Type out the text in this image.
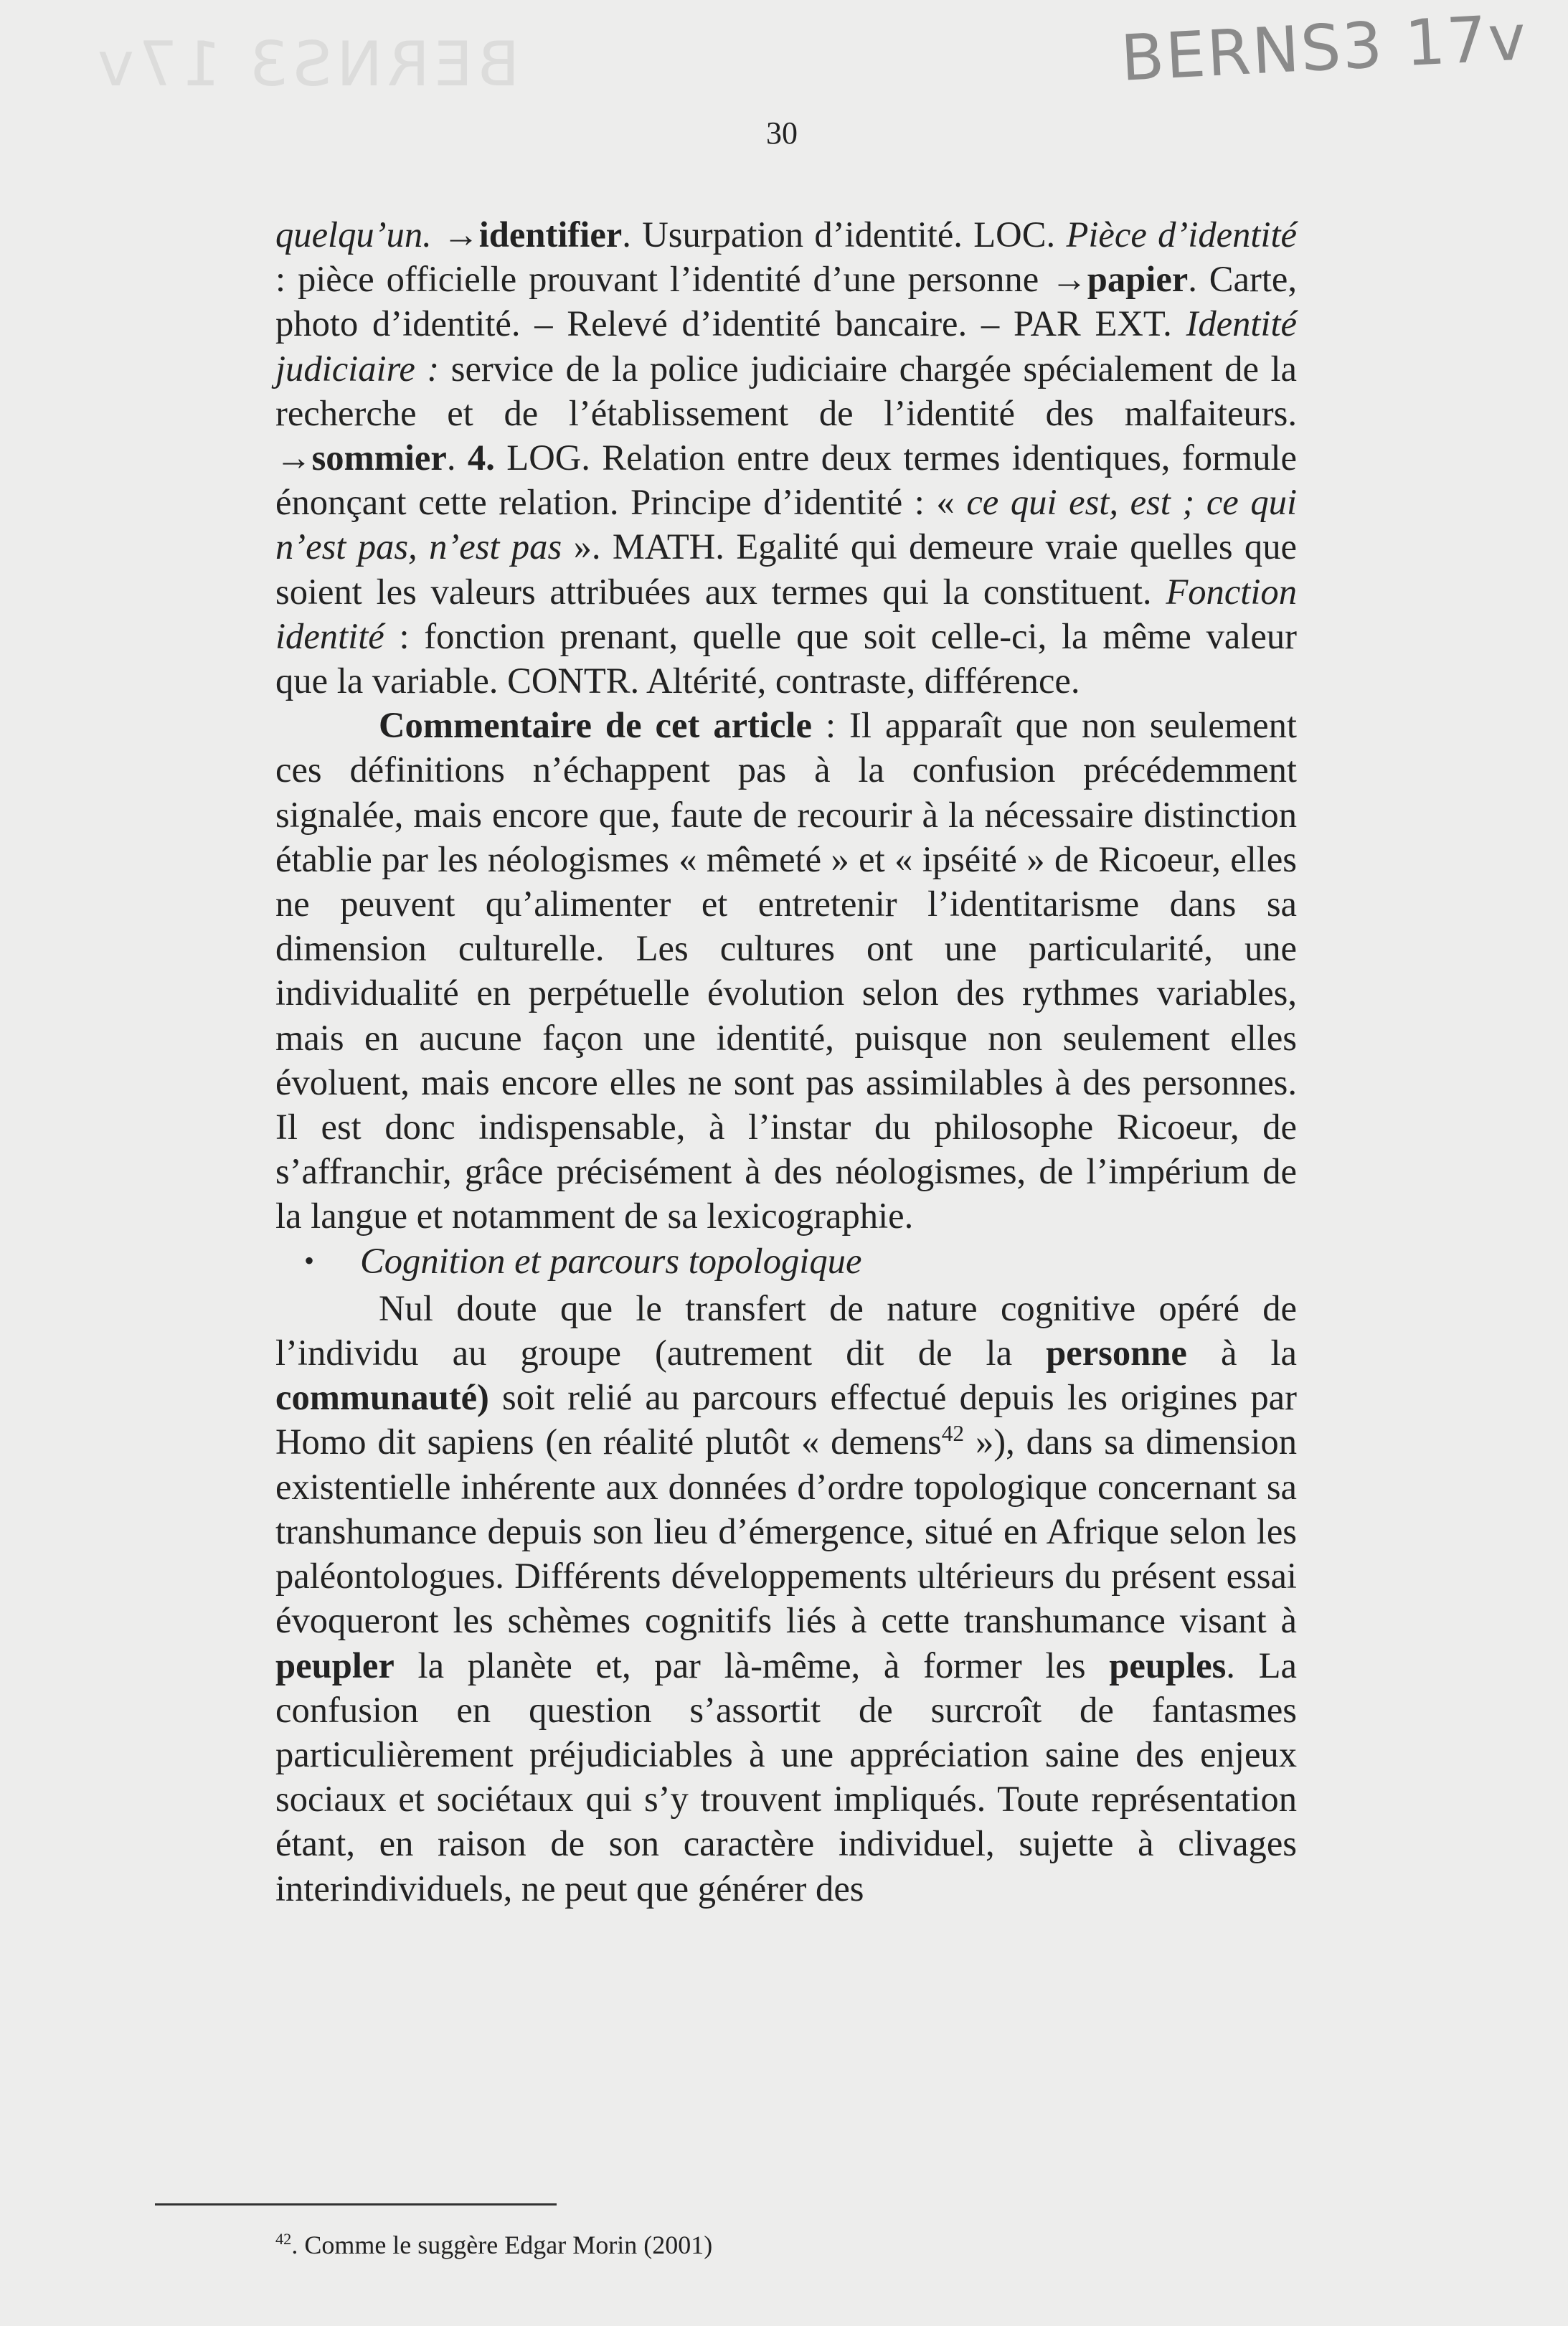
BERNS3 17v	BERNS3 17v
30

quelqu’un. →identifier. Usurpation d’identité. LOC. Pièce d’identité : pièce officielle prouvant l’identité d’une personne →papier. Carte, photo d’identité. – Relevé d’identité bancaire. – PAR EXT. Identité judiciaire : service de la police judiciaire chargée spécialement de la recherche et de l’établissement de l’identité des malfaiteurs. →sommier. 4. LOG. Relation entre deux termes identiques, formule énonçant cette relation. Principe d’identité : « ce qui est, est ; ce qui n’est pas, n’est pas ». MATH. Egalité qui demeure vraie quelles que soient les valeurs attribuées aux termes qui la constituent. Fonction identité : fonction prenant, quelle que soit celle-ci, la même valeur que la variable. CONTR. Altérité, contraste, différence.

Commentaire de cet article : Il apparaît que non seulement ces définitions n’échappent pas à la confusion précédemment signalée, mais encore que, faute de recourir à la nécessaire distinction établie par les néologismes « mêmeté » et « ipséité » de Ricoeur, elles ne peuvent qu’alimenter et entretenir l’identitarisme dans sa dimension culturelle. Les cultures ont une particularité, une individualité en perpétuelle évolution selon des rythmes variables, mais en aucune façon une identité, puisque non seulement elles évoluent, mais encore elles ne sont pas assimilables à des personnes. Il est donc indispensable, à l’instar du philosophe Ricoeur, de s’affranchir, grâce précisément à des néologismes, de l’impérium de la langue et notamment de sa lexicographie.

• Cognition et parcours topologique

Nul doute que le transfert de nature cognitive opéré de l’individu au groupe (autrement dit de la personne à la communauté) soit relié au parcours effectué depuis les origines par Homo dit sapiens (en réalité plutôt « demens$^{42}$ »), dans sa dimension existentielle inhérente aux données d’ordre topologique concernant sa transhumance depuis son lieu d’émergence, situé en Afrique selon les paléontologues. Différents développements ultérieurs du présent essai évoqueront les schèmes cognitifs liés à cette transhumance visant à peupler la planète et, par là-même, à former les peuples. La confusion en question s’assortit de surcroît de fantasmes particulièrement préjudiciables à une appréciation saine des enjeux sociaux et sociétaux qui s’y trouvent impliqués. Toute représentation étant, en raison de son caractère individuel, sujette à clivages interindividuels, ne peut que générer des

$^{42}$. Comme le suggère Edgar Morin (2001)
